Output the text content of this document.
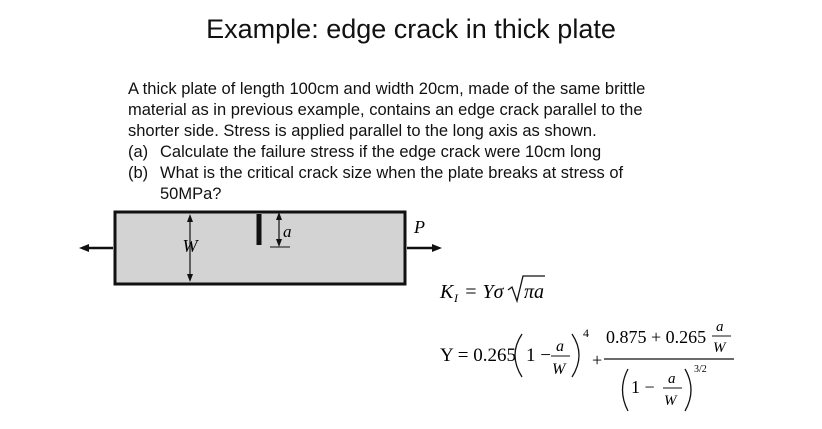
Example: edge crack in thick plate

A thick plate of length 100cm and width 20cm, made of the same brittle

material as in previous example, contains an edge crack parallel to the

shorter side. Stress is applied parallel to the long axis as shown.

(a) Calculate the failure stress if the edge crack were 10cm long
(b) What is the critical crack size when the plate breaks at stress of
50MPa?
W
a	P
K I = Yσ πa
Y = 0.265 1 − a
W
4
+
0.875 + 0.265 a
W
1 − a
W
3/2
